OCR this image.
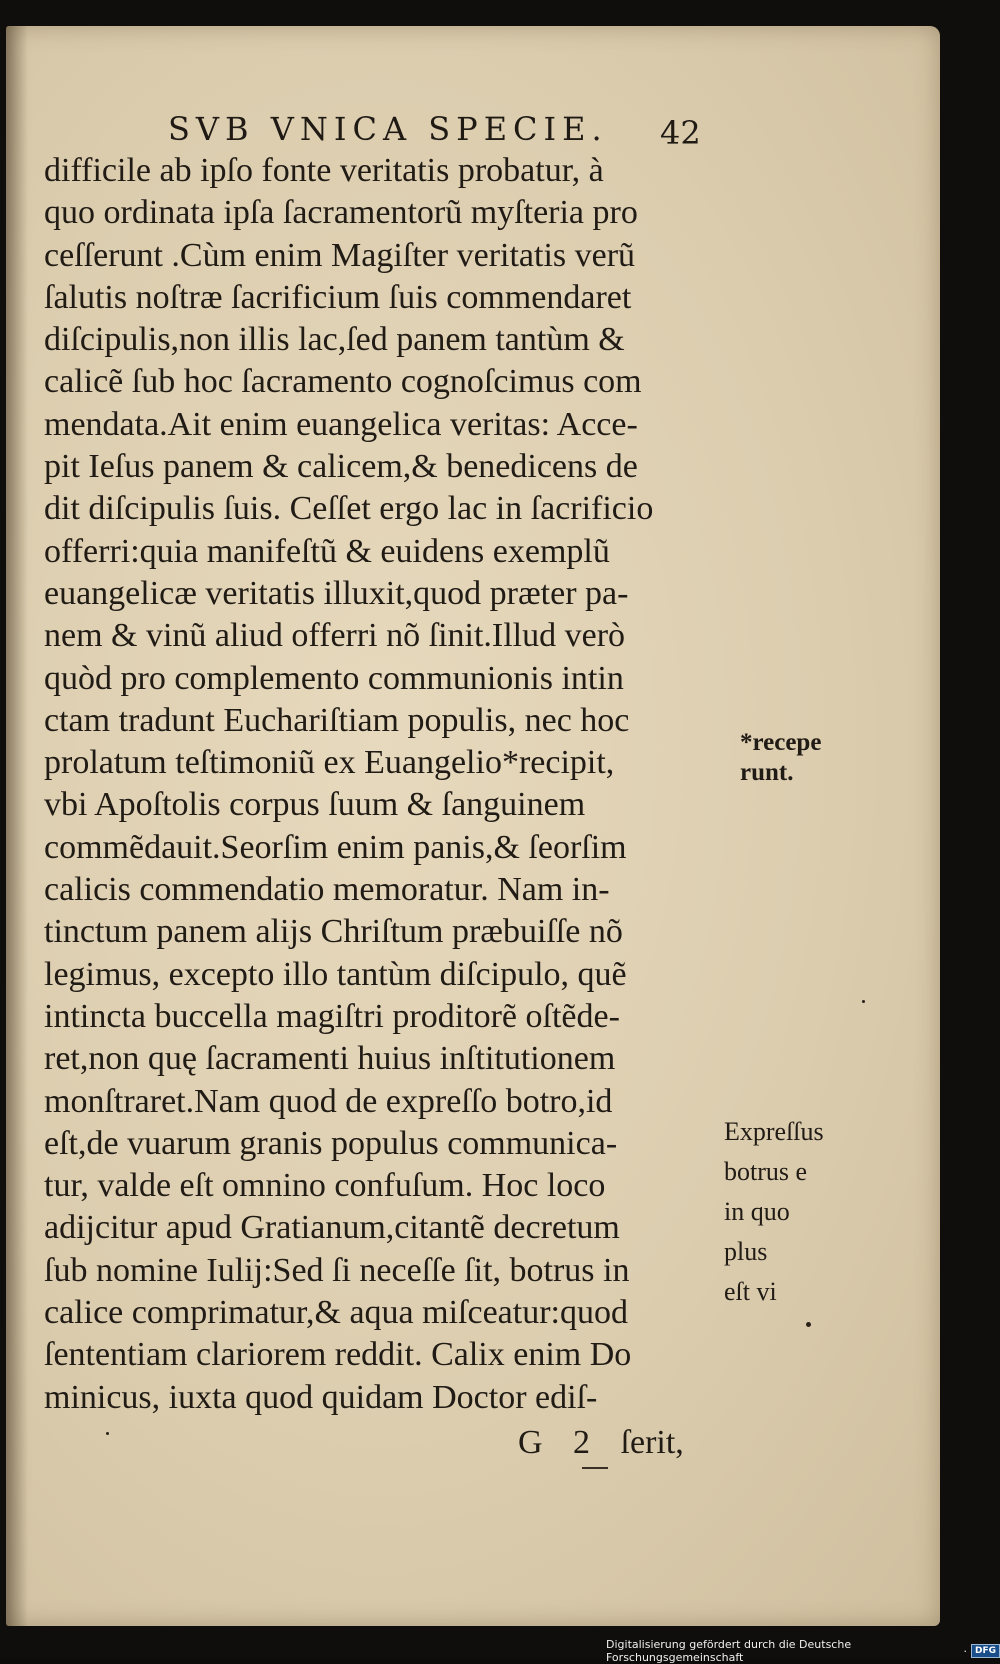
SVB VNICA SPECIE. 42
difficile ab ipſo fonte veritatis probatur, à
quo ordinata ipſa ſacramentorũ myſteria pro
ceſſerunt .Cùm enim Magiſter veritatis verũ
ſalutis noſtræ ſacrificium ſuis commendaret
diſcipulis,non illis lac,ſed panem tantùm &
calicẽ ſub hoc ſacramento cognoſcimus com
mendata.Ait enim euangelica veritas: Acce-
pit Ieſus panem & calicem,& benedicens de
dit diſcipulis ſuis. Ceſſet ergo lac in ſacrificio
offerri:quia manifeſtũ & euidens exemplũ
euangelicæ veritatis illuxit,quod præter pa-
nem & vinũ aliud offerri nõ ſinit.Illud verò
quòd pro complemento communionis intin
ctam tradunt Euchariſtiam populis, nec hoc
prolatum teſtimoniũ ex Euangelio*recipit,
vbi Apoſtolis corpus ſuum & ſanguinem
commẽdauit.Seorſim enim panis,& ſeorſim
calicis commendatio memoratur. Nam in-
tinctum panem alijs Chriſtum præbuiſſe nõ
legimus, excepto illo tantùm diſcipulo, quẽ
intincta buccella magiſtri proditorẽ oſtẽde-
ret,non quę ſacramenti huius inſtitutionem
monſtraret.Nam quod de expreſſo botro,id
eſt,de vuarum granis populus communica-
tur, valde eſt omnino confuſum. Hoc loco
adijcitur apud Gratianum,citantẽ decretum
ſub nomine Iulij:Sed ſi neceſſe ſit, botrus in
calice comprimatur,& aqua miſceatur:quod
ſententiam clariorem reddit. Calix enim Do
minicus, iuxta quod quidam Doctor ediſ-
G 2 ſerit,
*recepe
runt.
Expreſſus
botrus e
in quo
plus
eſt vi
Digitalisierung gefördert durch die Deutsche Forschungsgemeinschaft	· DFG
